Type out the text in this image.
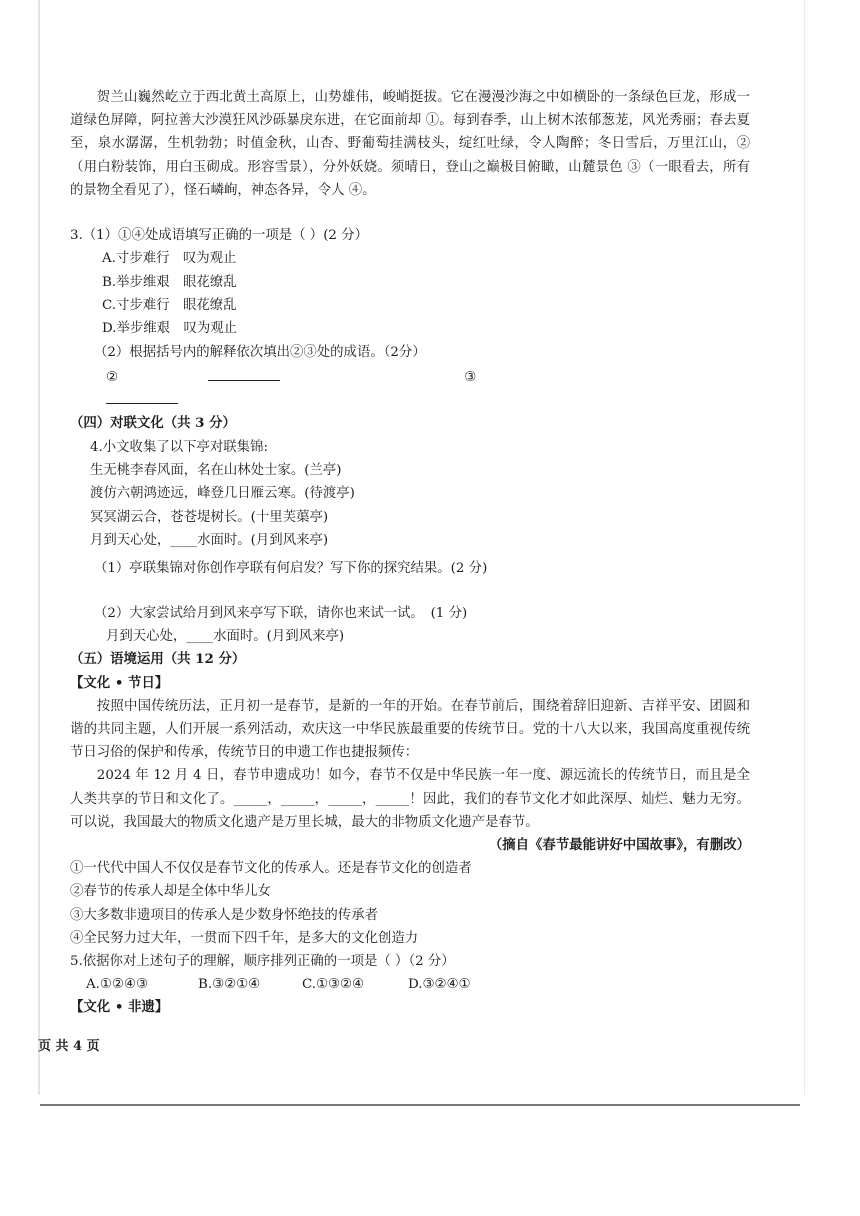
贺兰山巍然屹立于西北黄土高原上，山势雄伟，峻峭挺拔。它在漫漫沙海之中如横卧的一条绿色巨龙，形成一道绿色屏障，阿拉善大沙漠狂风沙砾暴戾东进，在它面前却 ①。每到春季，山上树木浓郁葱茏，风光秀丽；春去夏至，泉水潺潺，生机勃勃；时值金秋，山杏、野葡萄挂满枝头，绽红吐绿，令人陶醉；冬日雪后，万里江山，②（用白粉装饰，用白玉砌成。形容雪景），分外妖娆。须晴日，登山之巅极目俯瞰，山麓景色 ③（一眼看去，所有的景物全看见了），怪石嶙峋，神态各异，令人 ④。

3.（1）①④处成语填写正确的一项是（ ）(2 分）

A.寸步难行　叹为观止

B.举步维艰　眼花缭乱

C.寸步难行　眼花缭乱

D.举步维艰　叹为观止

（2）根据括号内的解释依次填出②③处的成语。（2分）

②	③

（四）对联文化（共 3 分）

4.小文收集了以下亭对联集锦:

生无桃李春风面，名在山林处士家。(兰亭)

渡仿六朝鸿迹远，峰登几日雁云寒。(待渡亭)

冥冥湖云合，苍苍堤树长。(十里芙蕖亭)

月到天心处，____水面时。(月到风来亭)

（1）亭联集锦对你创作亭联有何启发？写下你的探究结果。(2 分)

（2）大家尝试给月到风来亭写下联，请你也来试一试。　(1 分)

月到天心处，____水面时。(月到风来亭)

（五）语境运用（共 12 分）

【文化 • 节日】

按照中国传统历法，正月初一是春节，是新的一年的开始。在春节前后，围绕着辞旧迎新、吉祥平安、团圆和谐的共同主题，人们开展一系列活动，欢庆这一中华民族最重要的传统节日。党的十八大以来，我国高度重视传统节日习俗的保护和传承，传统节日的申遗工作也捷报频传：

2024 年 12 月 4 日，春节申遗成功！如今，春节不仅是中华民族一年一度、源远流长的传统节日，而且是全人类共享的节日和文化了。_____，_____，_____，_____！因此，我们的春节文化才如此深厚、灿烂、魅力无穷。可以说，我国最大的物质文化遗产是万里长城，最大的非物质文化遗产是春节。

（摘自《春节最能讲好中国故事》，有删改）

①一代代中国人不仅仅是春节文化的传承人。还是春节文化的创造者

②春节的传承人却是全体中华儿女

③大多数非遗项目的传承人是少数身怀绝技的传承者

④全民努力过大年，一贯而下四千年，是多大的文化创造力

5.依据你对上述句子的理解，顺序排列正确的一项是（ ）（2 分）

A.①②④③	B.③②①④	C.①③②④	D.③②④①

【文化 • 非遗】

页 共 4 页
